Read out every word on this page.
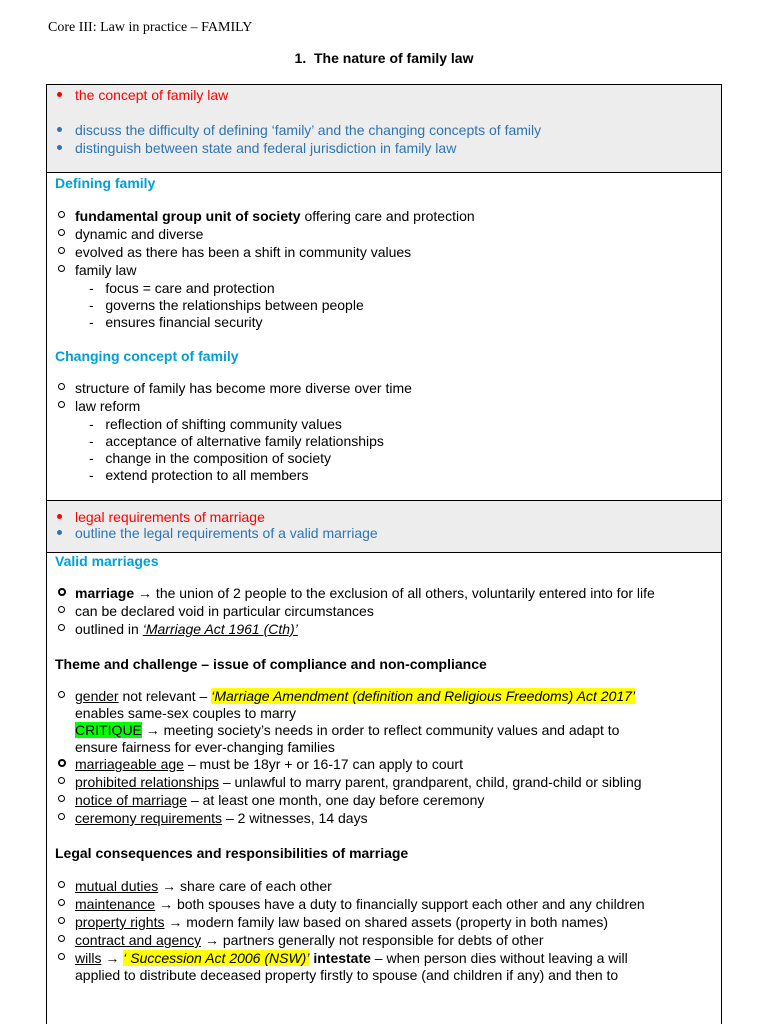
Core III: Law in practice – FAMILY
1.  The nature of family law
the concept of family law
discuss the difficulty of defining ‘family’ and the changing concepts of family
distinguish between state and federal jurisdiction in family law
Defining family
fundamental group unit of society offering care and protection
dynamic and diverse
evolved as there has been a shift in community values
family law
-   focus = care and protection
-   governs the relationships between people
-   ensures financial security
Changing concept of family
structure of family has become more diverse over time
law reform
-   reflection of shifting community values
-   acceptance of alternative family relationships
-   change in the composition of society
-   extend protection to all members
legal requirements of marriage
outline the legal requirements of a valid marriage
Valid marriages
marriage → the union of 2 people to the exclusion of all others, voluntarily entered into for life
can be declared void in particular circumstances
outlined in ‘Marriage Act 1961 (Cth)’
Theme and challenge – issue of compliance and non-compliance
gender not relevant – ‘Marriage Amendment (definition and Religious Freedoms) Act 2017’
enables same-sex couples to marry
CRITIQUE → meeting society’s needs in order to reflect community values and adapt to
ensure fairness for ever-changing families
marriageable age – must be 18yr + or 16-17 can apply to court
prohibited relationships – unlawful to marry parent, grandparent, child, grand-child or sibling
notice of marriage – at least one month, one day before ceremony
ceremony requirements – 2 witnesses, 14 days
Legal consequences and responsibilities of marriage
mutual duties → share care of each other
maintenance → both spouses have a duty to financially support each other and any children
property rights → modern family law based on shared assets (property in both names)
contract and agency → partners generally not responsible for debts of other
wills → ‘ Succession Act 2006 (NSW)’ intestate – when person dies without leaving a will
applied to distribute deceased property firstly to spouse (and children if any) and then to
